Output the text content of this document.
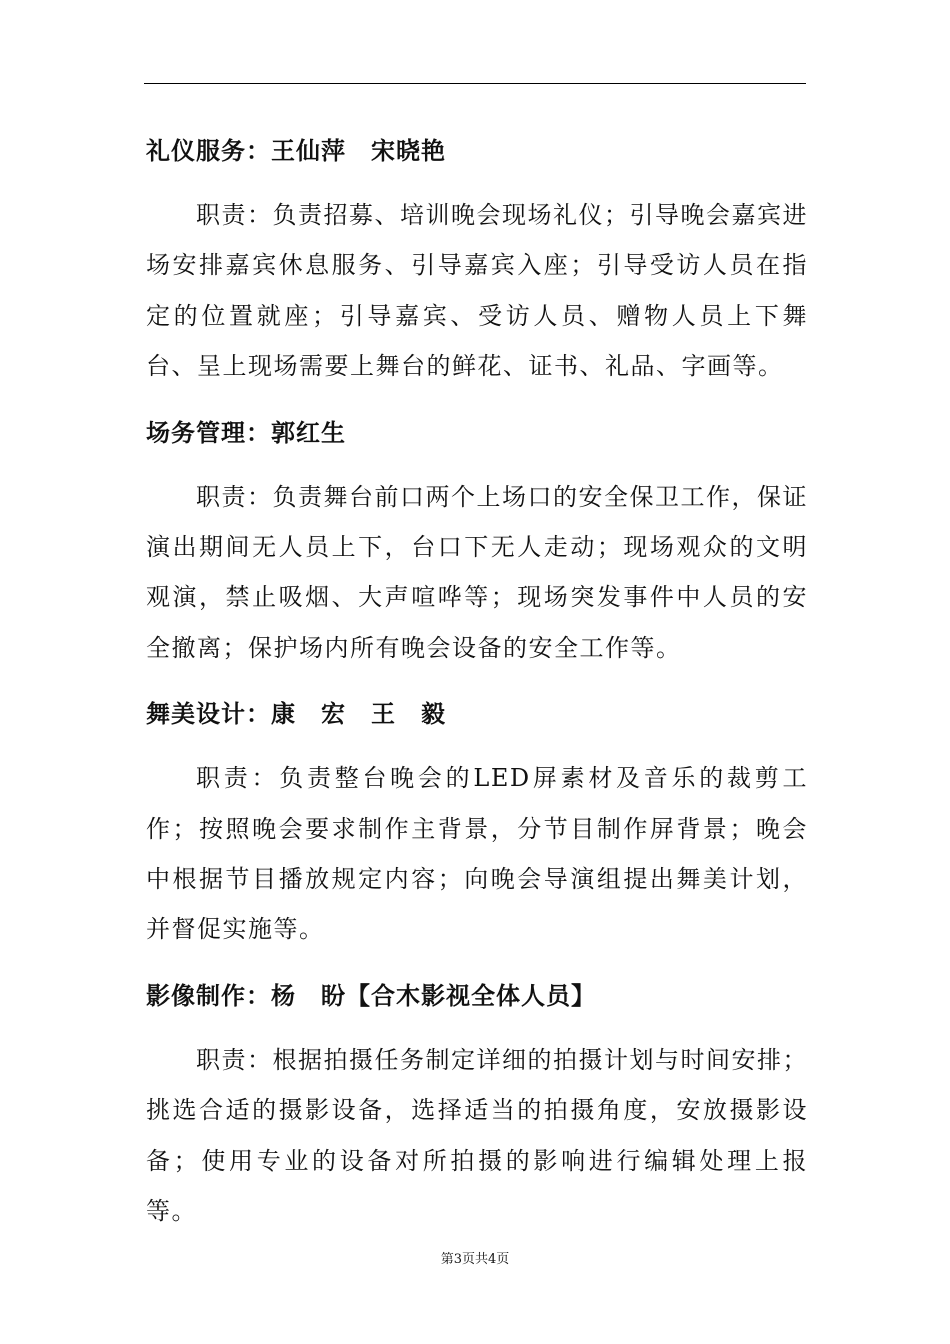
礼仪服务：王仙萍　宋晓艳

职责：负责招募、培训晚会现场礼仪；引导晚会嘉宾进场安排嘉宾休息服务、引导嘉宾入座；引导受访人员在指定的位置就座；引导嘉宾、受访人员、赠物人员上下舞台、呈上现场需要上舞台的鲜花、证书、礼品、字画等。

场务管理：郭红生

职责：负责舞台前口两个上场口的安全保卫工作，保证演出期间无人员上下，台口下无人走动；现场观众的文明观演，禁止吸烟、大声喧哗等；现场突发事件中人员的安全撤离；保护场内所有晚会设备的安全工作等。

舞美设计：康　宏　王　毅

职责：负责整台晚会的LED屏素材及音乐的裁剪工作；按照晚会要求制作主背景，分节目制作屏背景；晚会中根据节目播放规定内容；向晚会导演组提出舞美计划，并督促实施等。

影像制作：杨　盼【合木影视全体人员】

职责：根据拍摄任务制定详细的拍摄计划与时间安排；挑选合适的摄影设备，选择适当的拍摄角度，安放摄影设备；使用专业的设备对所拍摄的影响进行编辑处理上报等。

第3页共4页
